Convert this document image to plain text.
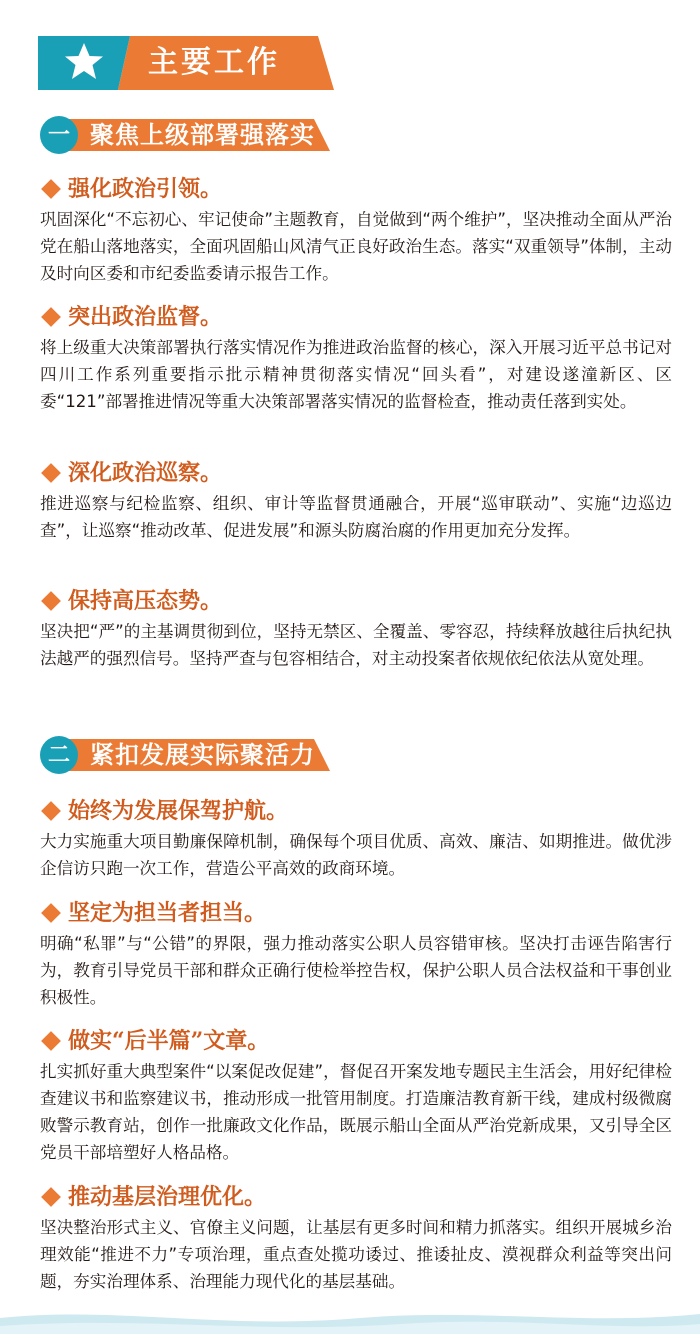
主要工作
一 聚焦上级部署强落实
强化政治引领。
巩固深化“不忘初心、牢记使命”主题教育，自觉做到“两个维护”，坚决推动全面从严治党在船山落地落实，全面巩固船山风清气正良好政治生态。落实“双重领导”体制，主动及时向区委和市纪委监委请示报告工作。
突出政治监督。
将上级重大决策部署执行落实情况作为推进政治监督的核心，深入开展习近平总书记对四川工作系列重要指示批示精神贯彻落实情况“回头看”，对建设遂潼新区、区委“121”部署推进情况等重大决策部署落实情况的监督检查，推动责任落到实处。
深化政治巡察。
推进巡察与纪检监察、组织、审计等监督贯通融合，开展“巡审联动”、实施“边巡边查”，让巡察“推动改革、促进发展”和源头防腐治腐的作用更加充分发挥。
保持高压态势。
坚决把“严”的主基调贯彻到位，坚持无禁区、全覆盖、零容忍，持续释放越往后执纪执法越严的强烈信号。坚持严查与包容相结合，对主动投案者依规依纪依法从宽处理。
二 紧扣发展实际聚活力
始终为发展保驾护航。
大力实施重大项目勤廉保障机制，确保每个项目优质、高效、廉洁、如期推进。做优涉企信访只跑一次工作，营造公平高效的政商环境。
坚定为担当者担当。
明确“私罪”与“公错”的界限，强力推动落实公职人员容错审核。坚决打击诬告陷害行为，教育引导党员干部和群众正确行使检举控告权，保护公职人员合法权益和干事创业积极性。
做实“后半篇”文章。
扎实抓好重大典型案件“以案促改促建”，督促召开案发地专题民主生活会，用好纪律检查建议书和监察建议书，推动形成一批管用制度。打造廉洁教育新干线，建成村级微腐败警示教育站，创作一批廉政文化作品，既展示船山全面从严治党新成果，又引导全区党员干部培塑好人格品格。
推动基层治理优化。
坚决整治形式主义、官僚主义问题，让基层有更多时间和精力抓落实。组织开展城乡治理效能“推进不力”专项治理，重点查处揽功诿过、推诿扯皮、漠视群众利益等突出问题，夯实治理体系、治理能力现代化的基层基础。
